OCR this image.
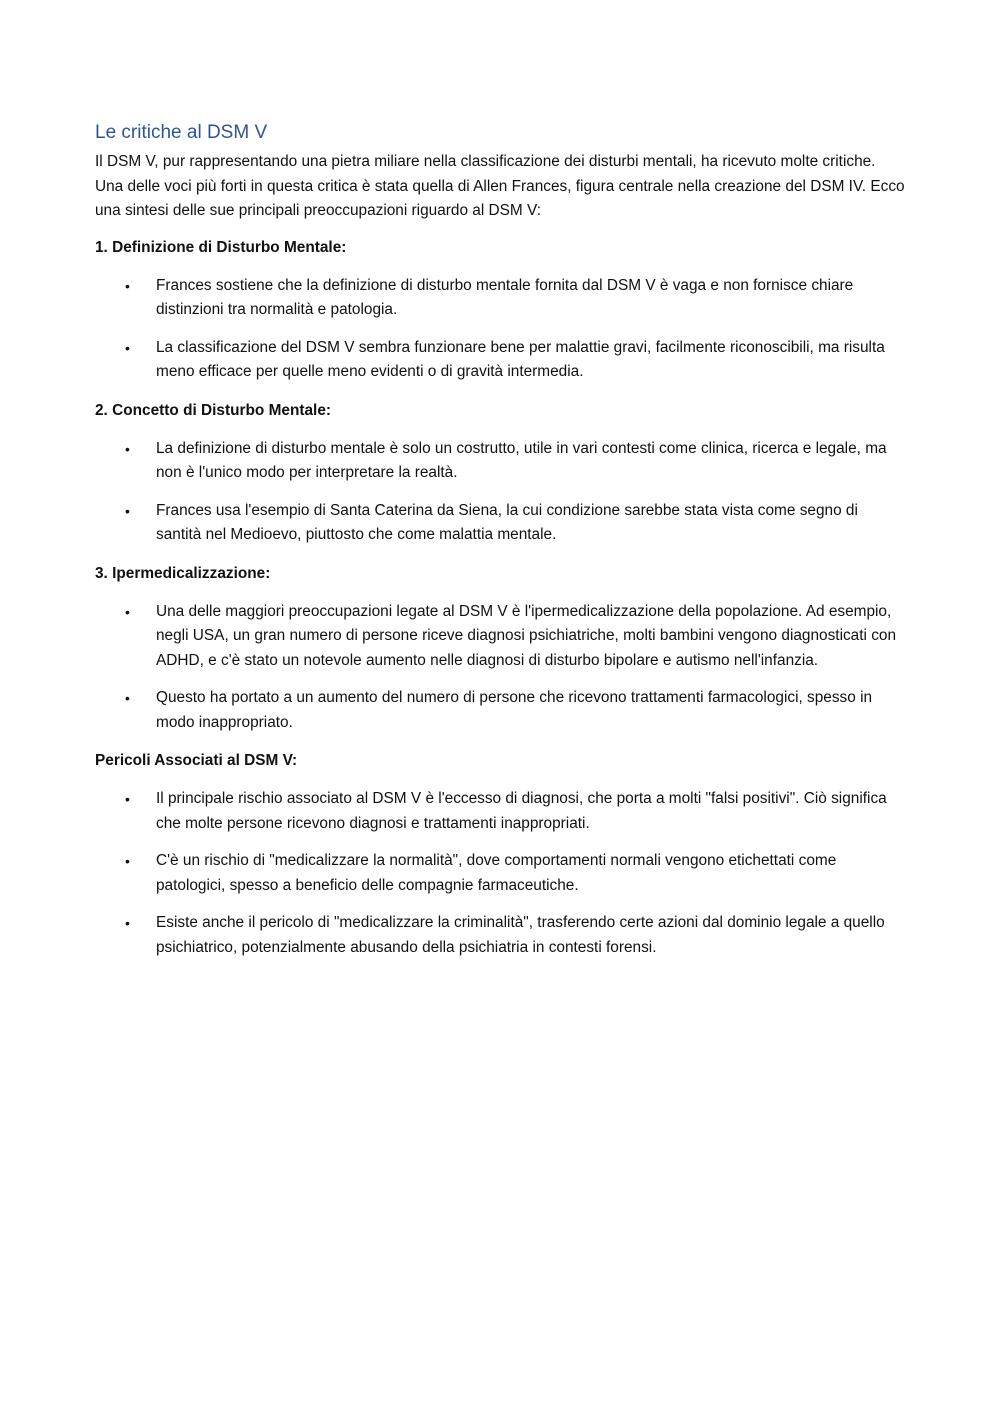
Le critiche al DSM V

Il DSM V, pur rappresentando una pietra miliare nella classificazione dei disturbi mentali, ha ricevuto molte critiche. Una delle voci più forti in questa critica è stata quella di Allen Frances, figura centrale nella creazione del DSM IV. Ecco una sintesi delle sue principali preoccupazioni riguardo al DSM V:

1. Definizione di Disturbo Mentale:
• Frances sostiene che la definizione di disturbo mentale fornita dal DSM V è vaga e non fornisce chiare distinzioni tra normalità e patologia.
• La classificazione del DSM V sembra funzionare bene per malattie gravi, facilmente riconoscibili, ma risulta meno efficace per quelle meno evidenti o di gravità intermedia.
2. Concetto di Disturbo Mentale:
• La definizione di disturbo mentale è solo un costrutto, utile in vari contesti come clinica, ricerca e legale, ma non è l'unico modo per interpretare la realtà.
• Frances usa l'esempio di Santa Caterina da Siena, la cui condizione sarebbe stata vista come segno di santità nel Medioevo, piuttosto che come malattia mentale.
3. Ipermedicalizzazione:
• Una delle maggiori preoccupazioni legate al DSM V è l'ipermedicalizzazione della popolazione. Ad esempio, negli USA, un gran numero di persone riceve diagnosi psichiatriche, molti bambini vengono diagnosticati con ADHD, e c'è stato un notevole aumento nelle diagnosi di disturbo bipolare e autismo nell'infanzia.
• Questo ha portato a un aumento del numero di persone che ricevono trattamenti farmacologici, spesso in modo inappropriato.
Pericoli Associati al DSM V:
• Il principale rischio associato al DSM V è l'eccesso di diagnosi, che porta a molti "falsi positivi". Ciò significa che molte persone ricevono diagnosi e trattamenti inappropriati.
• C'è un rischio di "medicalizzare la normalità", dove comportamenti normali vengono etichettati come patologici, spesso a beneficio delle compagnie farmaceutiche.
• Esiste anche il pericolo di "medicalizzare la criminalità", trasferendo certe azioni dal dominio legale a quello psichiatrico, potenzialmente abusando della psichiatria in contesti forensi.
